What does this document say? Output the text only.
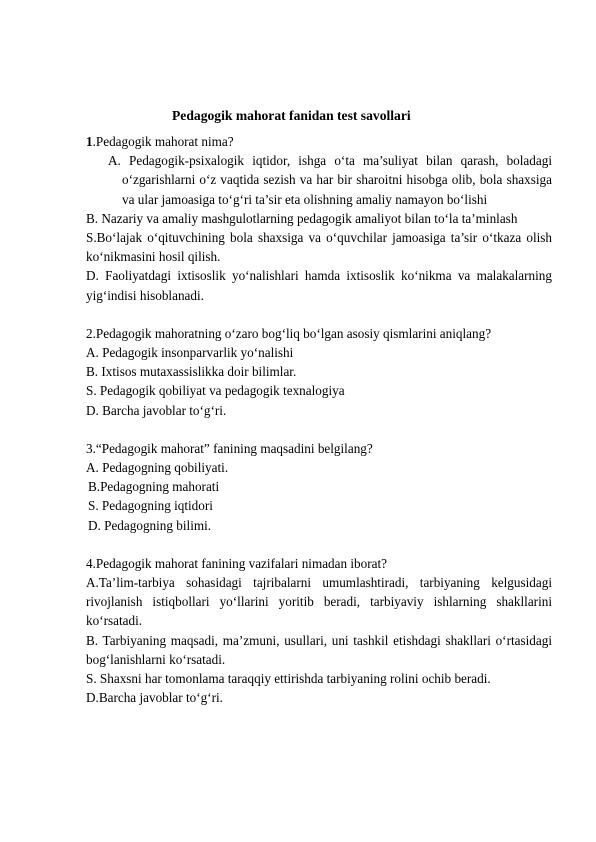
Pedagogik mahorat fanidan test savollari
1.Pedagogik mahorat nima?
A. Pedagogik-psixalogik iqtidor, ishga o‘ta ma’suliyat bilan qarash, boladagi o‘zgarishlarni o‘z vaqtida sezish va har bir sharoitni hisobga olib, bola shaxsiga va ular jamoasiga to‘g‘ri ta’sir eta olishning amaliy namayon bo‘lishi
B. Nazariy va amaliy mashgulotlarning pedagogik amaliyot bilan to‘la ta’minlash
S.Bo‘lajak o‘qituvchining bola shaxsiga va o‘quvchilar jamoasiga ta’sir o‘tkaza olish ko‘nikmasini hosil qilish.
D. Faoliyatdagi ixtisoslik yo‘nalishlari hamda ixtisoslik ko‘nikma va malakalarning yig‘indisi hisoblanadi.
2.Pedagogik mahoratning o‘zaro bog‘liq bo‘lgan asosiy qismlarini aniqlang?
A. Pedagogik insonparvarlik yo‘nalishi
B. Ixtisos mutaxassislikka doir bilimlar.
S. Pedagogik qobiliyat va pedagogik texnalogiya
D. Barcha javoblar to‘g‘ri.
3.“Pedagogik mahorat” fanining maqsadini belgilang?
A. Pedagogning qobiliyati.
B.Pedagogning mahorati
S. Pedagogning iqtidori
D. Pedagogning bilimi.
4.Pedagogik mahorat fanining vazifalari nimadan iborat?
A.Ta’lim-tarbiya sohasidagi tajribalarni umumlashtiradi, tarbiyaning kelgusidagi rivojlanish istiqbollari yo‘llarini yoritib beradi, tarbiyaviy ishlarning shakllarini ko‘rsatadi.
B. Tarbiyaning maqsadi, ma’zmuni, usullari, uni tashkil etishdagi shakllari o‘rtasidagi bog‘lanishlarni ko‘rsatadi.
S. Shaxsni har tomonlama taraqqiy ettirishda tarbiyaning rolini ochib beradi.
D.Barcha javoblar to‘g‘ri.
